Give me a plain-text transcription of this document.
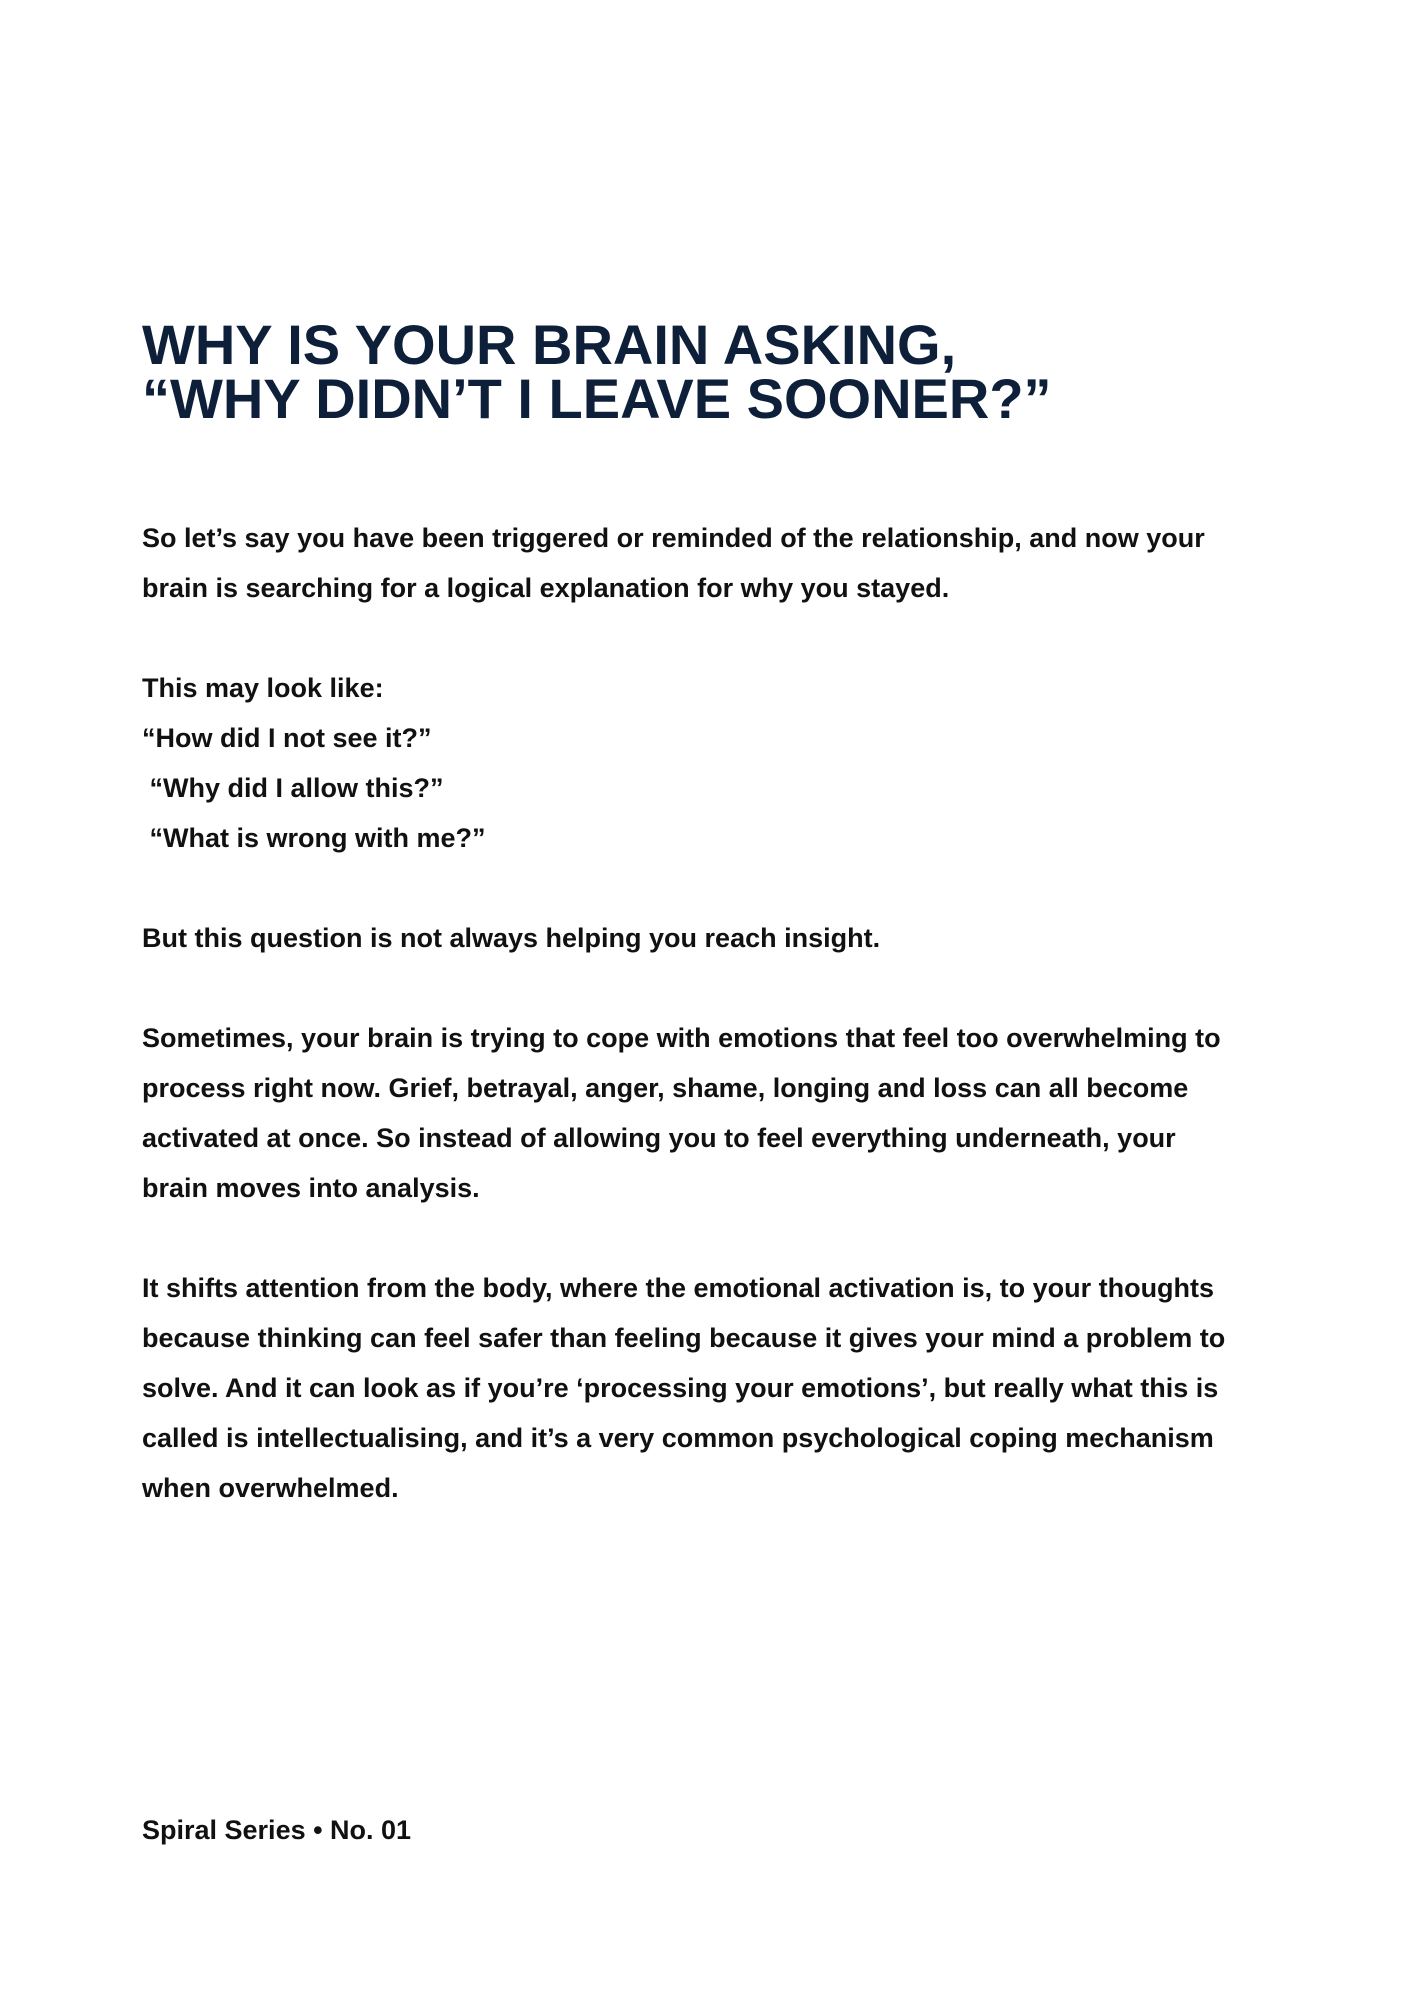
WHY IS YOUR BRAIN ASKING,
“WHY DIDN’T I LEAVE SOONER?”

So let’s say you have been triggered or reminded of the relationship, and now your
brain is searching for a logical explanation for why you stayed.

This may look like:
“How did I not see it?”
“Why did I allow this?”
“What is wrong with me?”

But this question is not always helping you reach insight.

Sometimes, your brain is trying to cope with emotions that feel too overwhelming to
process right now. Grief, betrayal, anger, shame, longing and loss can all become
activated at once. So instead of allowing you to feel everything underneath, your
brain moves into analysis.

It shifts attention from the body, where the emotional activation is, to your thoughts
because thinking can feel safer than feeling because it gives your mind a problem to
solve. And it can look as if you’re ‘processing your emotions’, but really what this is
called is intellectualising, and it’s a very common psychological coping mechanism
when overwhelmed.

Spiral Series • No. 01
